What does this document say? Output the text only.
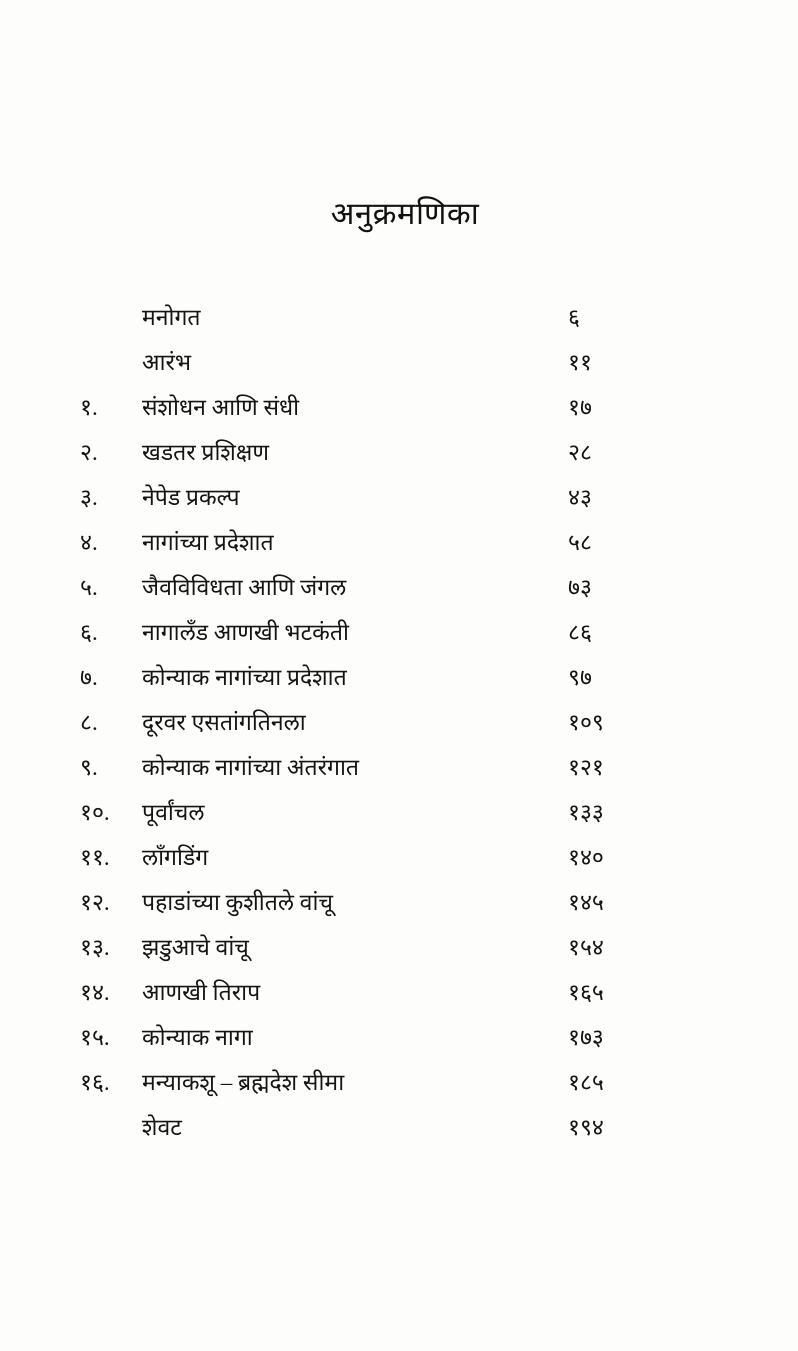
अनुक्रमणिका
मनोगत	६
आरंभ	११
१.	संशोधन आणि संधी	१७
२.	खडतर प्रशिक्षण	२८
३.	नेपेड प्रकल्प	४३
४.	नागांच्या प्रदेशात	५८
५.	जैवविविधता आणि जंगल	७३
६.	नागालँड आणखी भटकंती	८६
७.	कोन्याक नागांच्या प्रदेशात	९७
८.	दूरवर एसतांगतिनला	१०९
९.	कोन्याक नागांच्या अंतरंगात	१२१
१०.	पूर्वांचल	१३३
११.	लाँगडिंग	१४०
१२.	पहाडांच्या कुशीतले वांचू	१४५
१३.	झडुआचे वांचू	१५४
१४.	आणखी तिराप	१६५
१५.	कोन्याक नागा	१७३
१६.	मन्याकशू – ब्रह्मदेश सीमा	१८५
शेवट	१९४
